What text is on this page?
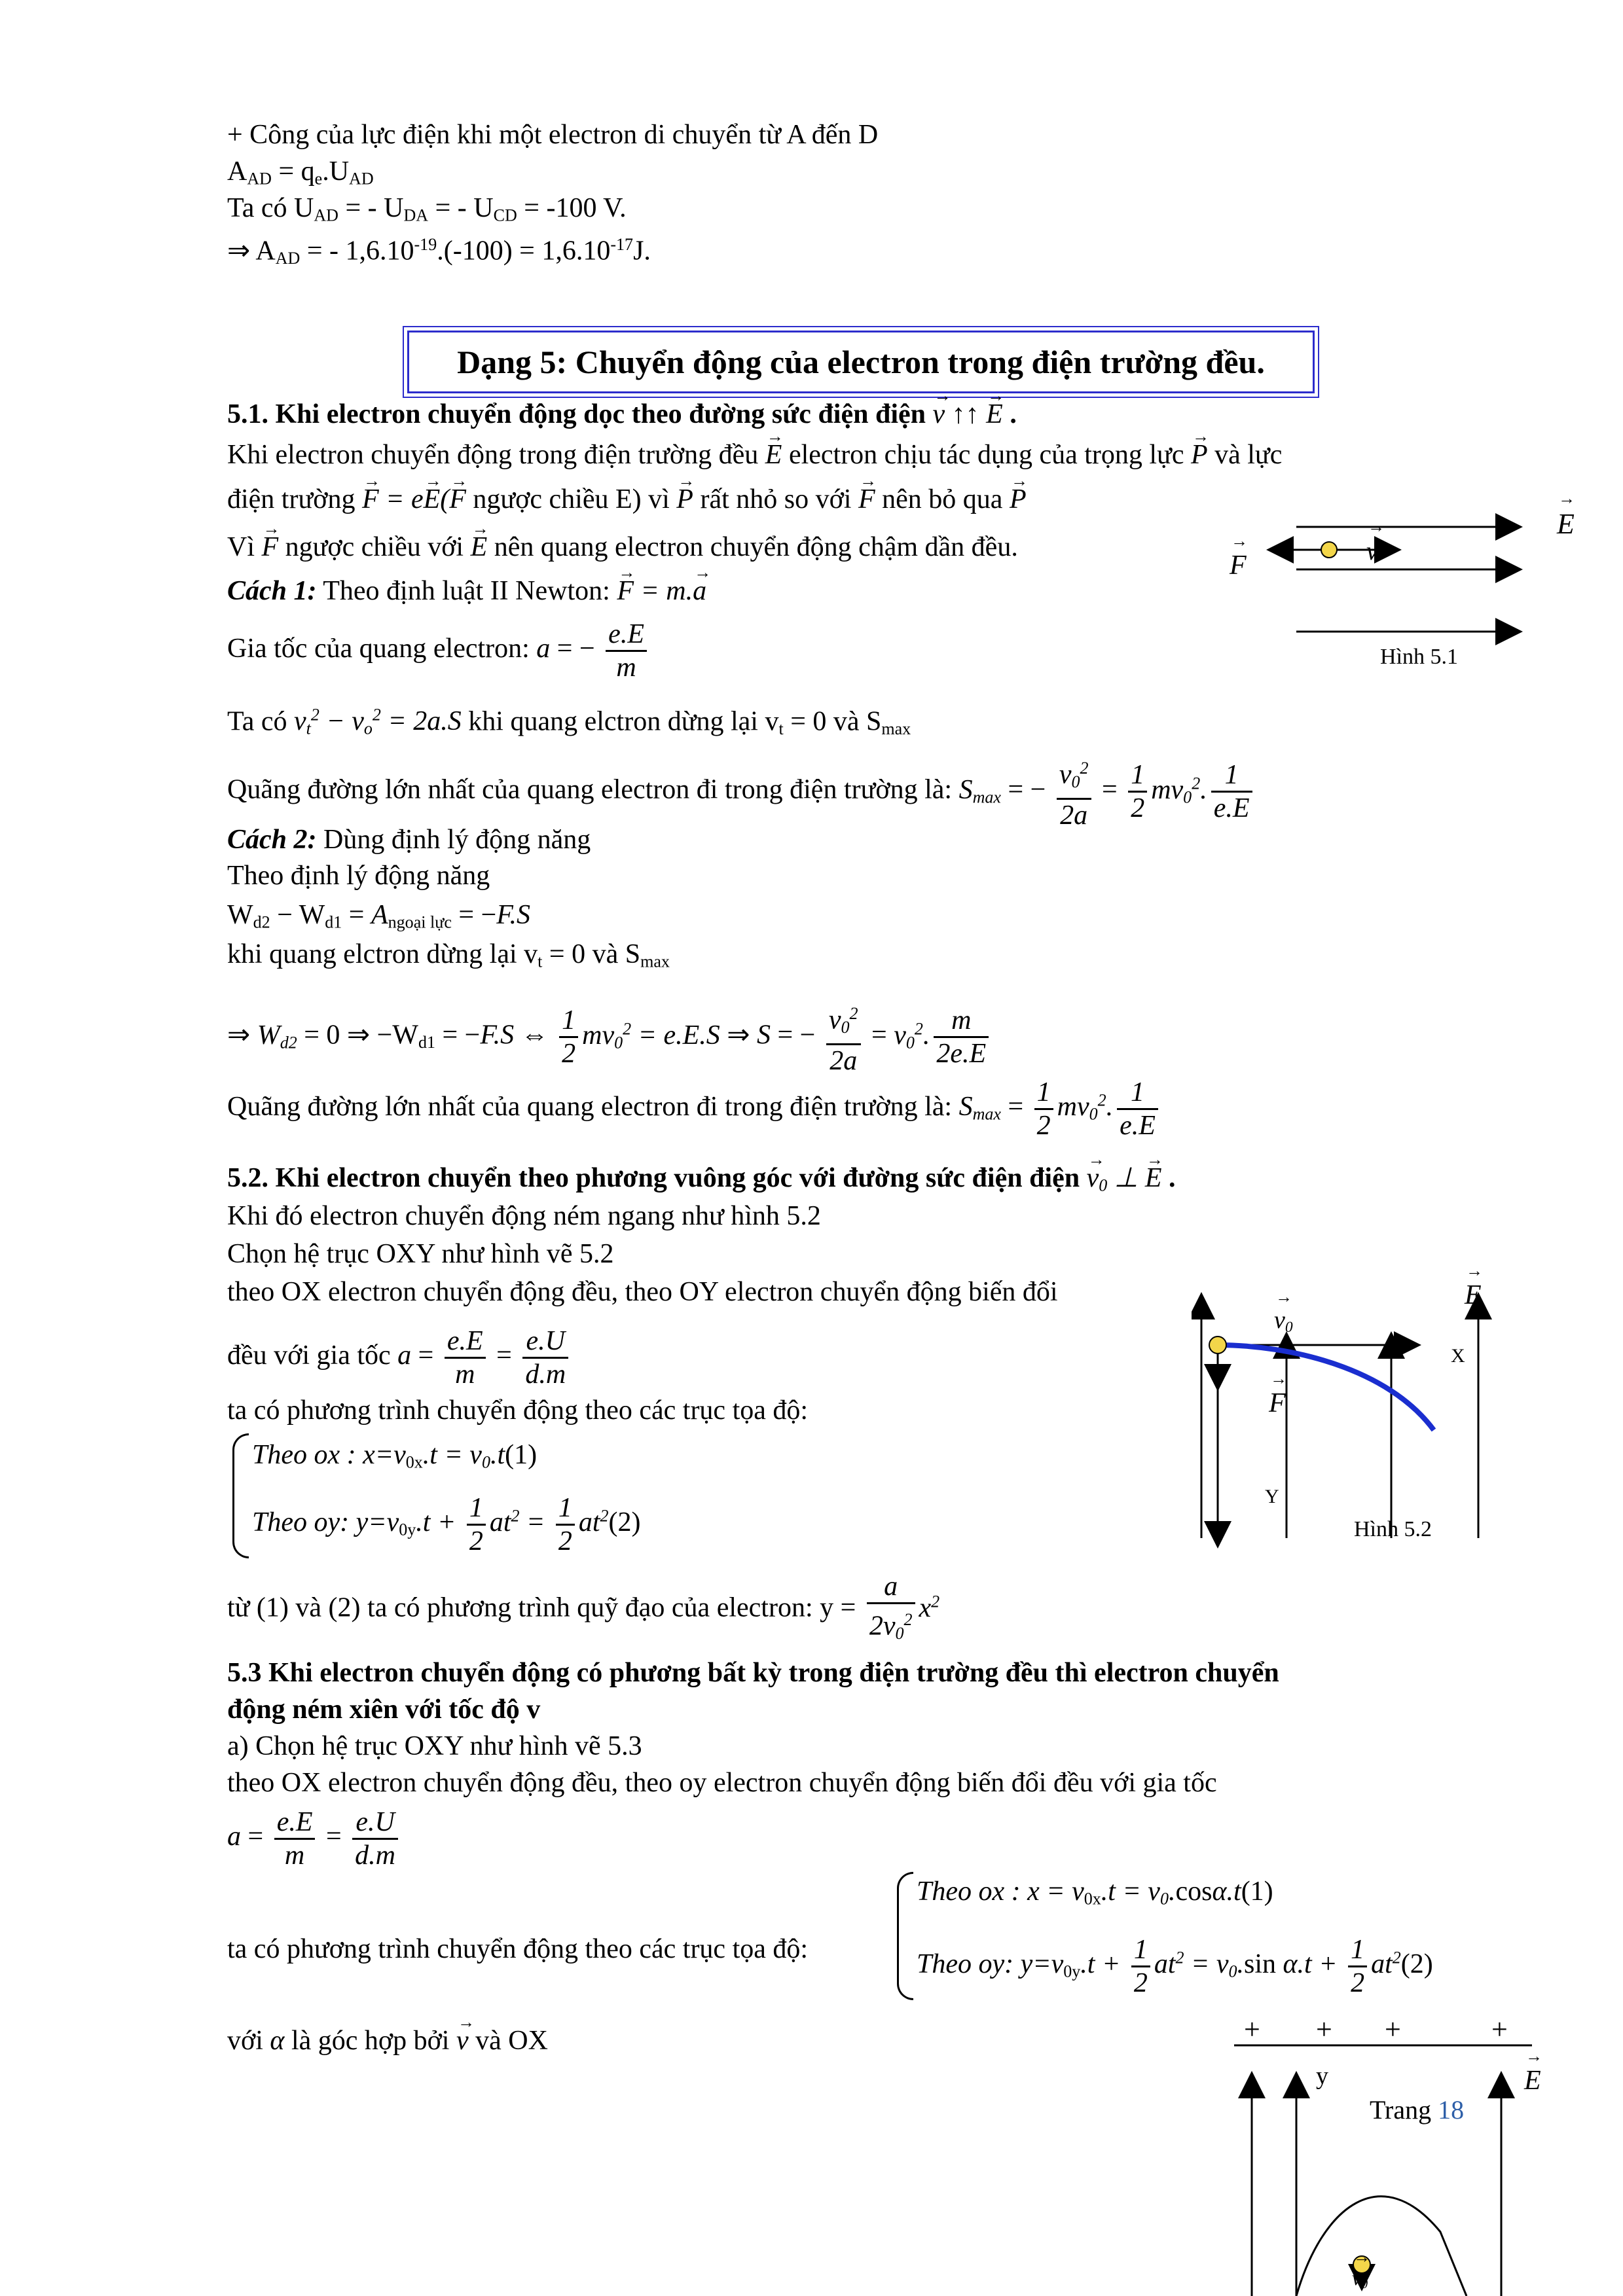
+ Công của lực điện khi một electron di chuyển từ A đến D
$A_{AD} = q_e.U_{AD}$
Ta có $U_{AD}$ = - $U_{DA}$ = - $U_{CD} = -100$ V.
⇒ $A_{AD}$ = - $1,6.10^{-19}.(-100) = 1,6.10^{-17}J$.
Dạng 5: Chuyển động của electron trong điện trường đều.
5.1. Khi electron chuyển động dọc theo đường sức điện điện → v ↑↑ → E .
Khi electron chuyển động trong điện trường đều → E electron chịu tác dụng của trọng lực → P và lực
điện trường → F = e→ E(→ F ngược chiều E) vì → P rất nhỏ so với → F nên bỏ qua → P
Vì → F ngược chiều với → E nên quang electron chuyển động chậm dần đều.
Cách 1: Theo định luật II Newton: → F = m.→ a
Gia tốc của quang electron: a = − $\frac{e.E}{m}$
Ta có $v_t^2 - v_o^2 = 2a.S$ khi quang elctron dừng lại $v_t = 0$ và $S_{max}$
Quãng đường lớn nhất của quang electron đi trong điện trường là: $S_{max}$ = − $\frac{v_0^2}{2a} = \frac{1}{2} mv_0^2$. $\frac{1}{e.E}$
Cách 2: Dùng định lý động năng
Theo định lý động năng
$W_{d2} - W_{d1} = A_{ngoại lực} = -F.S$
khi quang elctron dừng lại $v_t = 0$ và $S_{max}$
⇒ $W_{d2} = 0$ ⇒ $-W_{d1} = -F.S$ ⇔ $\frac{1}{2} mv_0^2 = e.E.S$ ⇒ S = − $\frac{v_0^2}{2a} = v_0^2$. $\frac{m}{2e.E}$
Quãng đường lớn nhất của quang electron đi trong điện trường là: $S_{max} = \frac{1}{2} mv_0^2$. $\frac{1}{e.E}$
→ E
→ F	→ v
Hình 5.1
5.2. Khi electron chuyển theo phương vuông góc với đường sức điện điện → $v_0$ ⊥ → E .
Khi đó electron chuyển động ném ngang như hình 5.2
Chọn hệ trục OXY như hình vẽ 5.2
theo OX electron chuyển động đều, theo OY electron chuyển động biến đổi
đều với gia tốc $a = \frac{e.E}{m} = \frac{e.U}{d.m}$
ta có phương trình chuyển động theo các trục tọa độ:
Theo ox : $x=v_{0x}.t = v_0.t(1)$
Theo oy: $y=v_{0y}.t + \frac{1}{2} at^2 = \frac{1}{2} at^2(2)$
từ (1) và (2) ta có phương trình quỹ đạo của electron: $y = \frac{a}{2v_0^2} x^2$
→ E
→ $v_0$
→ F
X
Y
Hình 5.2
5.3 Khi electron chuyển động có phương bất kỳ trong điện trường đều thì electron chuyển
động ném xiên với tốc độ v
a) Chọn hệ trục OXY như hình vẽ 5.3
theo OX electron chuyển động đều, theo oy electron chuyển động biến đổi đều với gia tốc
$a = \frac{e.E}{m} = \frac{e.U}{d.m}$
ta có phương trình chuyển động theo các trục tọa độ:
Theo ox : $x = v_{0x}.t = v_0.\cos\alpha.t(1)$
Theo oy: $y=v_{0y}.t + \frac{1}{2} at^2 = v_0.\sin$ $\alpha.t + \frac{1}{2} at^2(2)$
với α là góc hợp bởi → v và OX	+ + +	+
y	→ E
→ $v_0$
Trang 18
